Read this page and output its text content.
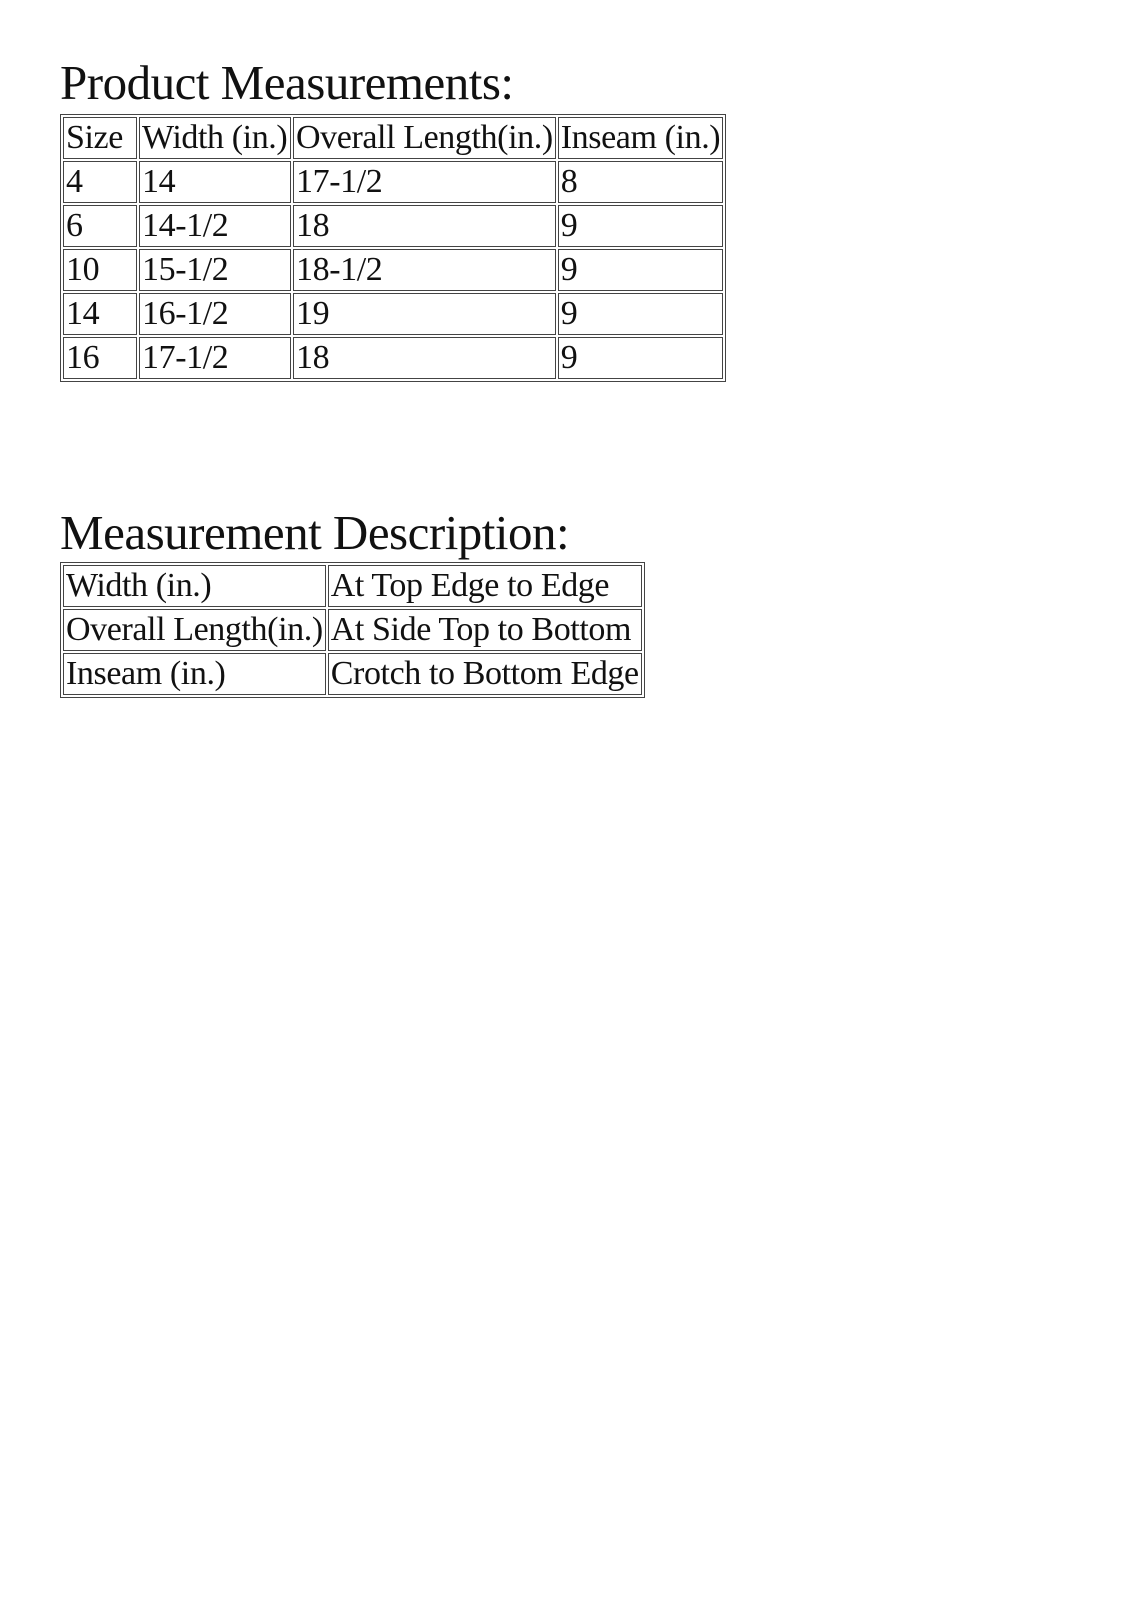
Product Measurements:
Size	Width (in.)	Overall Length(in.)	Inseam (in.)
4	14	17-1/2	8
6	14-1/2	18	9
10	15-1/2	18-1/2	9
14	16-1/2	19	9
16	17-1/2	18	9
Measurement Description:
Width (in.)	At Top Edge to Edge
Overall Length(in.)	At Side Top to Bottom
Inseam (in.)	Crotch to Bottom Edge
